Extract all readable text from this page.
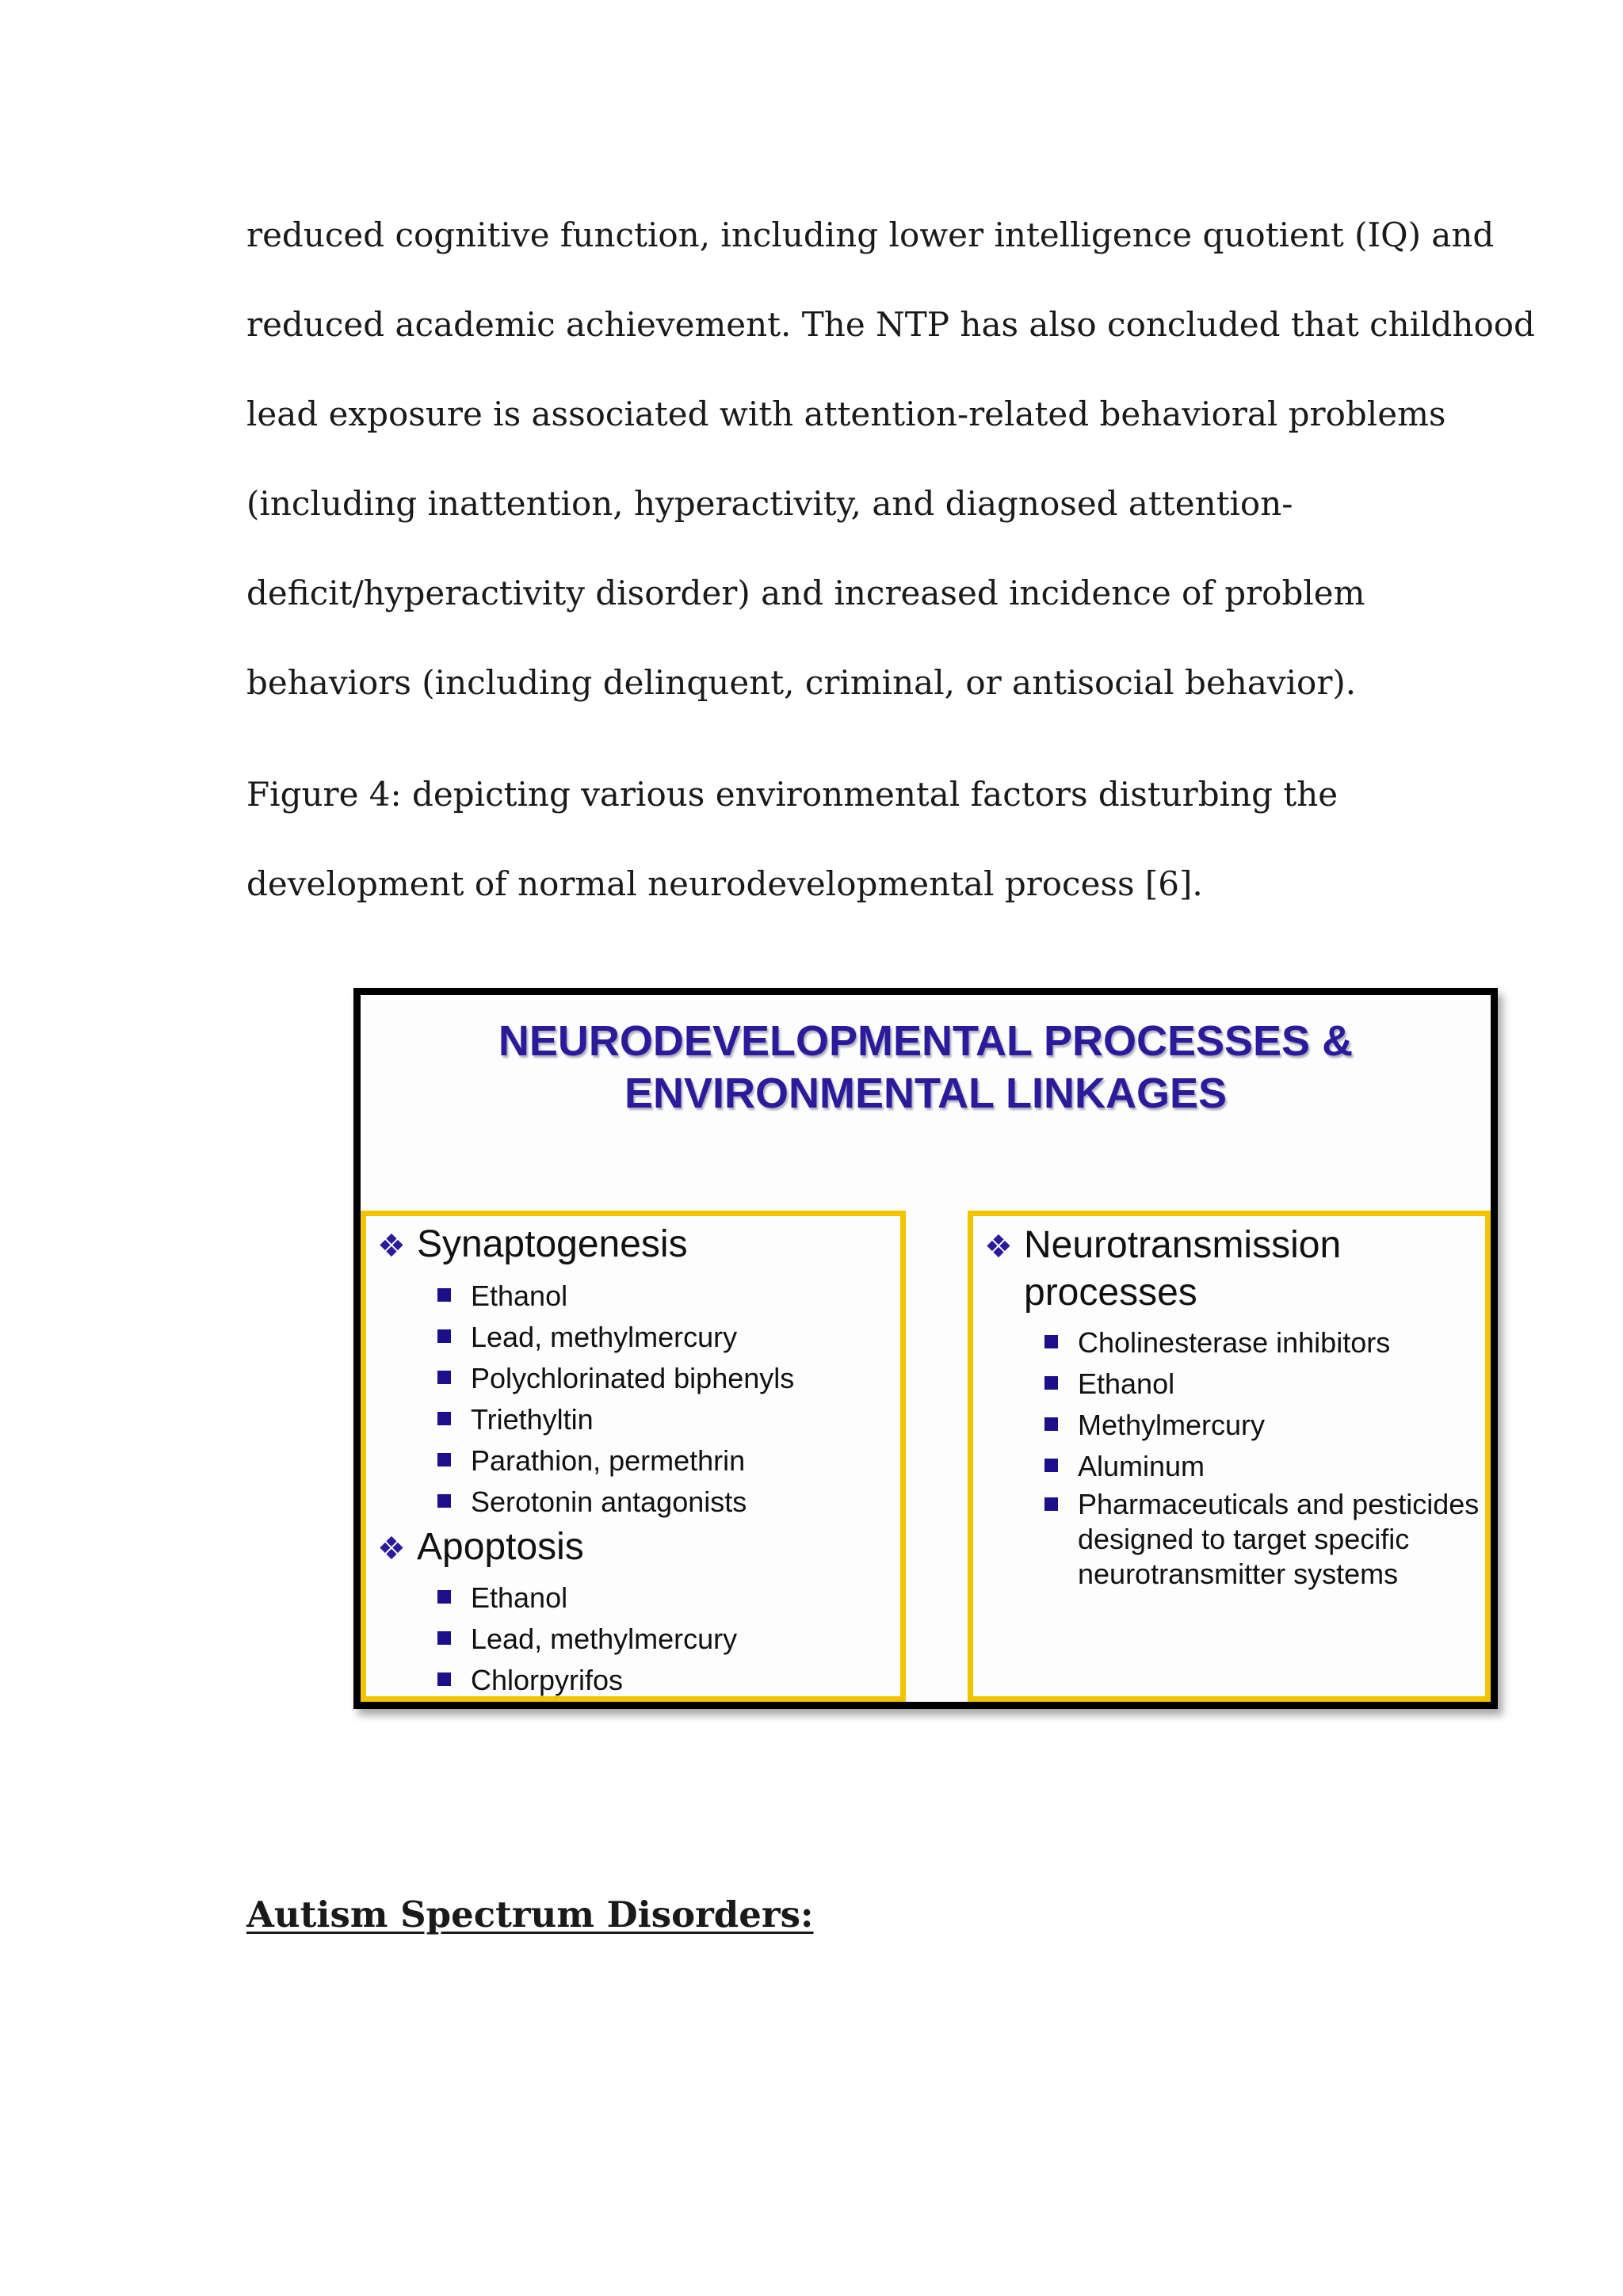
reduced cognitive function, including lower intelligence quotient (IQ) and
reduced academic achievement. The NTP has also concluded that childhood
lead exposure is associated with attention-related behavioral problems
(including inattention, hyperactivity, and diagnosed attention-
deficit/hyperactivity disorder) and increased incidence of problem
behaviors (including delinquent, criminal, or antisocial behavior).
Figure 4: depicting various environmental factors disturbing the
development of normal neurodevelopmental process [6].
NEURODEVELOPMENTAL PROCESSES &
ENVIRONMENTAL LINKAGES
❖ Synaptogenesis
Ethanol
Lead, methylmercury
Polychlorinated biphenyls
Triethyltin
Parathion, permethrin
Serotonin antagonists
❖ Apoptosis
Ethanol
Lead, methylmercury
Chlorpyrifos
❖ Neurotransmission
processes
Cholinesterase inhibitors
Ethanol
Methylmercury
Aluminum
Pharmaceuticals and pesticides designed to target specific neurotransmitter systems
Autism Spectrum Disorders:
